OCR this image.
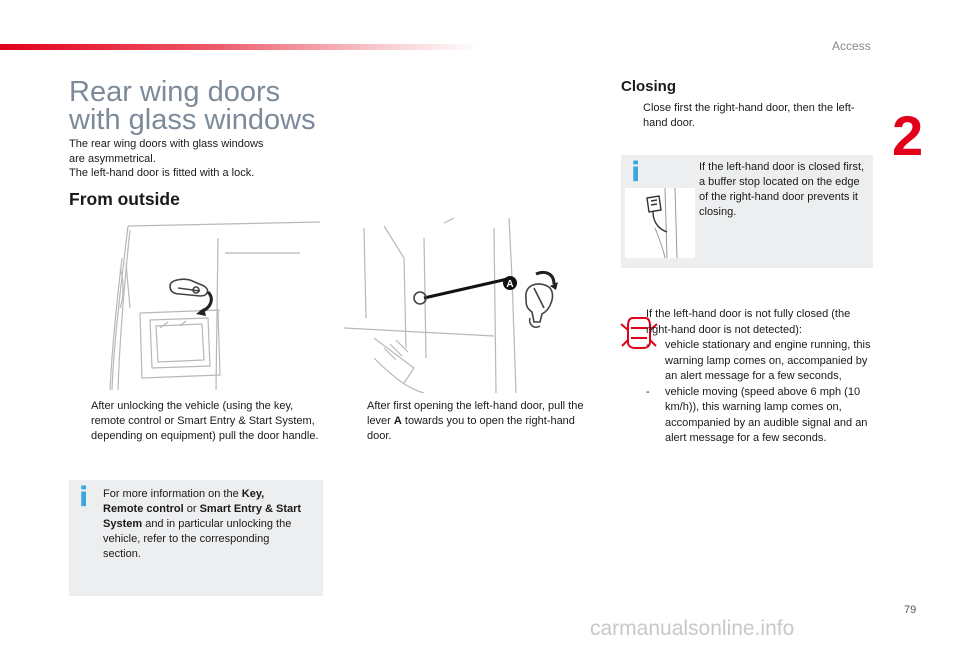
Access
2
Rear wing doors
with glass windows

The rear wing doors with glass windows

are asymmetrical.

The left-hand door is fitted with a lock.

From outside
A
After unlocking the vehicle (using the key, remote control or Smart Entry & Start System, depending on equipment) pull the door handle.
After first opening the left-hand door, pull the lever A towards you to open the right-hand door.
i For more information on the Key, Remote control or Smart Entry & Start System and in particular unlocking the vehicle, refer to the corresponding section.
Closing
Close first the right-hand door, then the left-hand door.
i	If the left-hand door is closed first, a buffer stop located on the edge of the right-hand door prevents it closing.

If the left-hand door is not fully closed (the right-hand door is not detected):

-	vehicle stationary and engine running, this warning lamp comes on, accompanied by an alert message for a few seconds,
-	vehicle moving (speed above 6 mph (10 km/h)), this warning lamp comes on, accompanied by an audible signal and an alert message for a few seconds.
79
carmanualsonline.info
